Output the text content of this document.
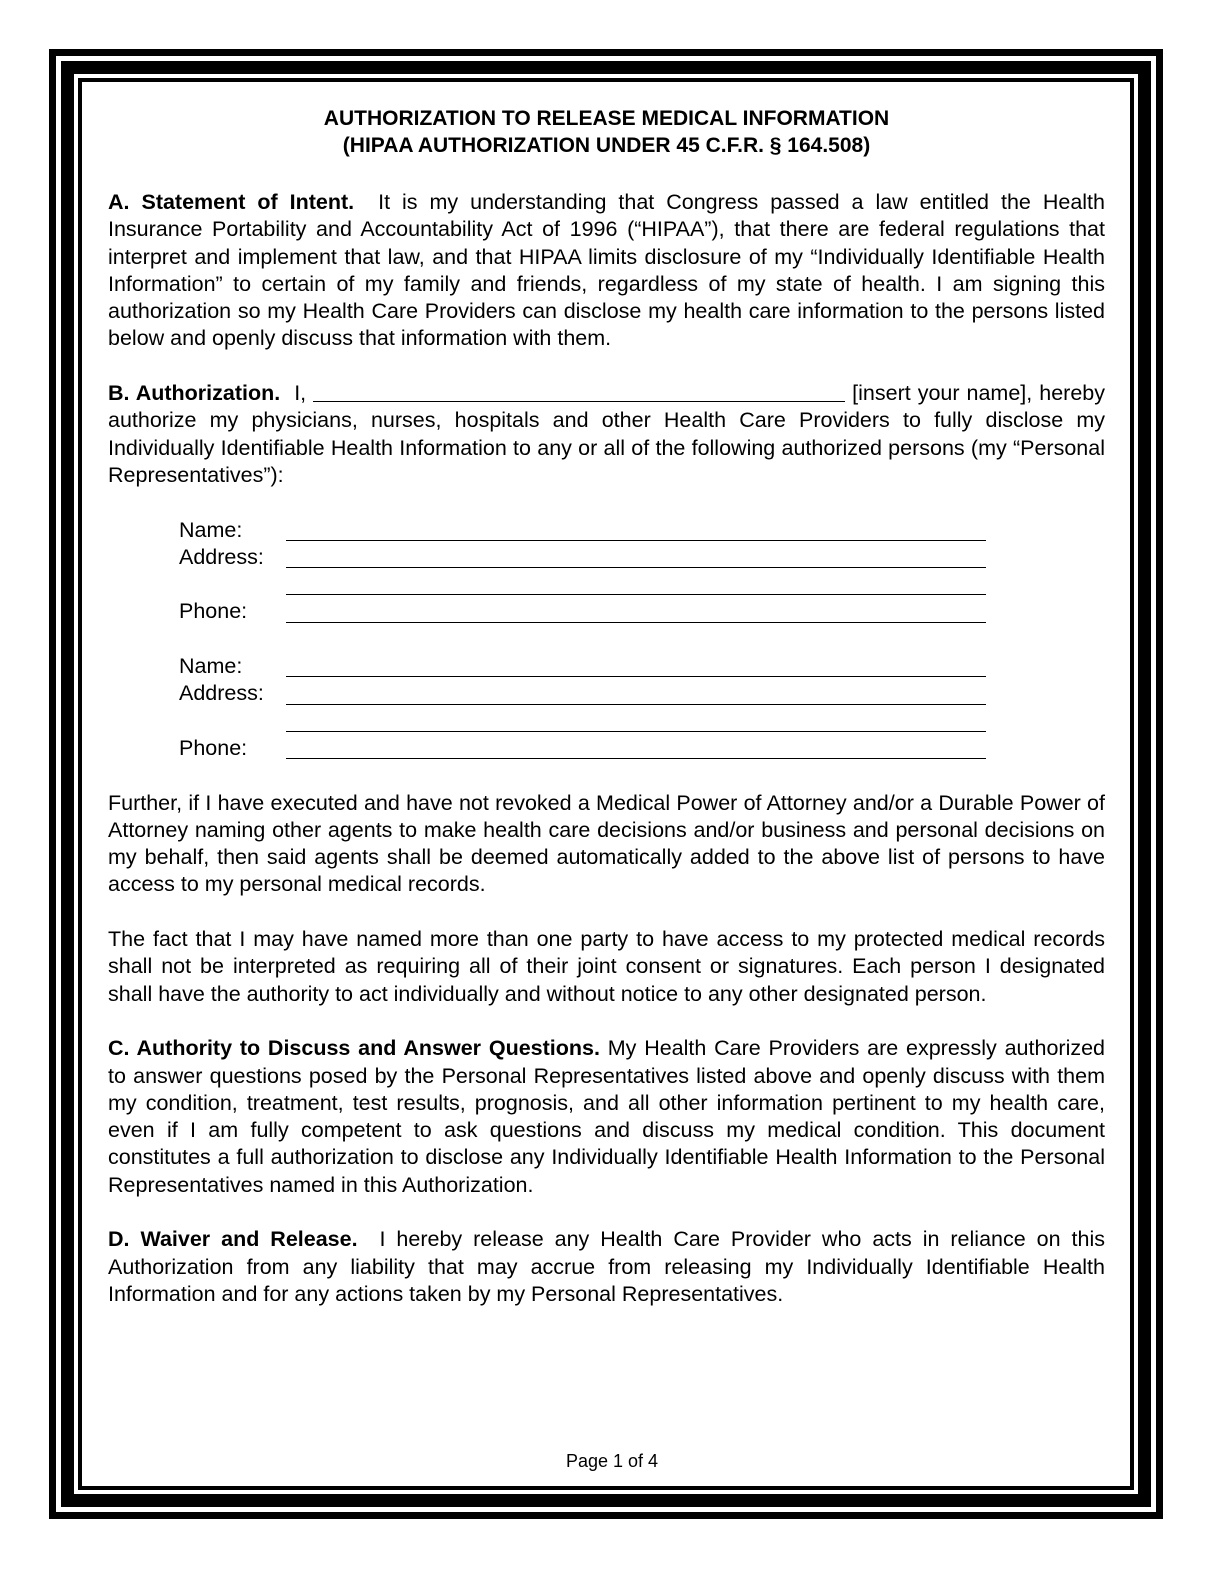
AUTHORIZATION TO RELEASE MEDICAL INFORMATION
(HIPAA AUTHORIZATION UNDER 45 C.F.R. § 164.508)

A. Statement of Intent. It is my understanding that Congress passed a law entitled the Health Insurance Portability and Accountability Act of 1996 (“HIPAA”), that there are federal regulations that interpret and implement that law, and that HIPAA limits disclosure of my “Individually Identifiable Health Information” to certain of my family and friends, regardless of my state of health. I am signing this authorization so my Health Care Providers can disclose my health care information to the persons listed below and openly discuss that information with them.

B. Authorization. I,	[insert your name], hereby authorize my physicians, nurses, hospitals and other Health Care Providers to fully disclose my Individually Identifiable Health Information to any or all of the following authorized persons (my “Personal Representatives”):

Name:
Address:
Phone:
Name:
Address:
Phone:

Further, if I have executed and have not revoked a Medical Power of Attorney and/or a Durable Power of Attorney naming other agents to make health care decisions and/or business and personal decisions on my behalf, then said agents shall be deemed automatically added to the above list of persons to have access to my personal medical records.

The fact that I may have named more than one party to have access to my protected medical records shall not be interpreted as requiring all of their joint consent or signatures. Each person I designated shall have the authority to act individually and without notice to any other designated person.

C. Authority to Discuss and Answer Questions. My Health Care Providers are expressly authorized to answer questions posed by the Personal Representatives listed above and openly discuss with them my condition, treatment, test results, prognosis, and all other information pertinent to my health care, even if I am fully competent to ask questions and discuss my medical condition. This document constitutes a full authorization to disclose any Individually Identifiable Health Information to the Personal Representatives named in this Authorization.

D. Waiver and Release. I hereby release any Health Care Provider who acts in reliance on this Authorization from any liability that may accrue from releasing my Individually Identifiable Health Information and for any actions taken by my Personal Representatives.

Page 1 of 4
